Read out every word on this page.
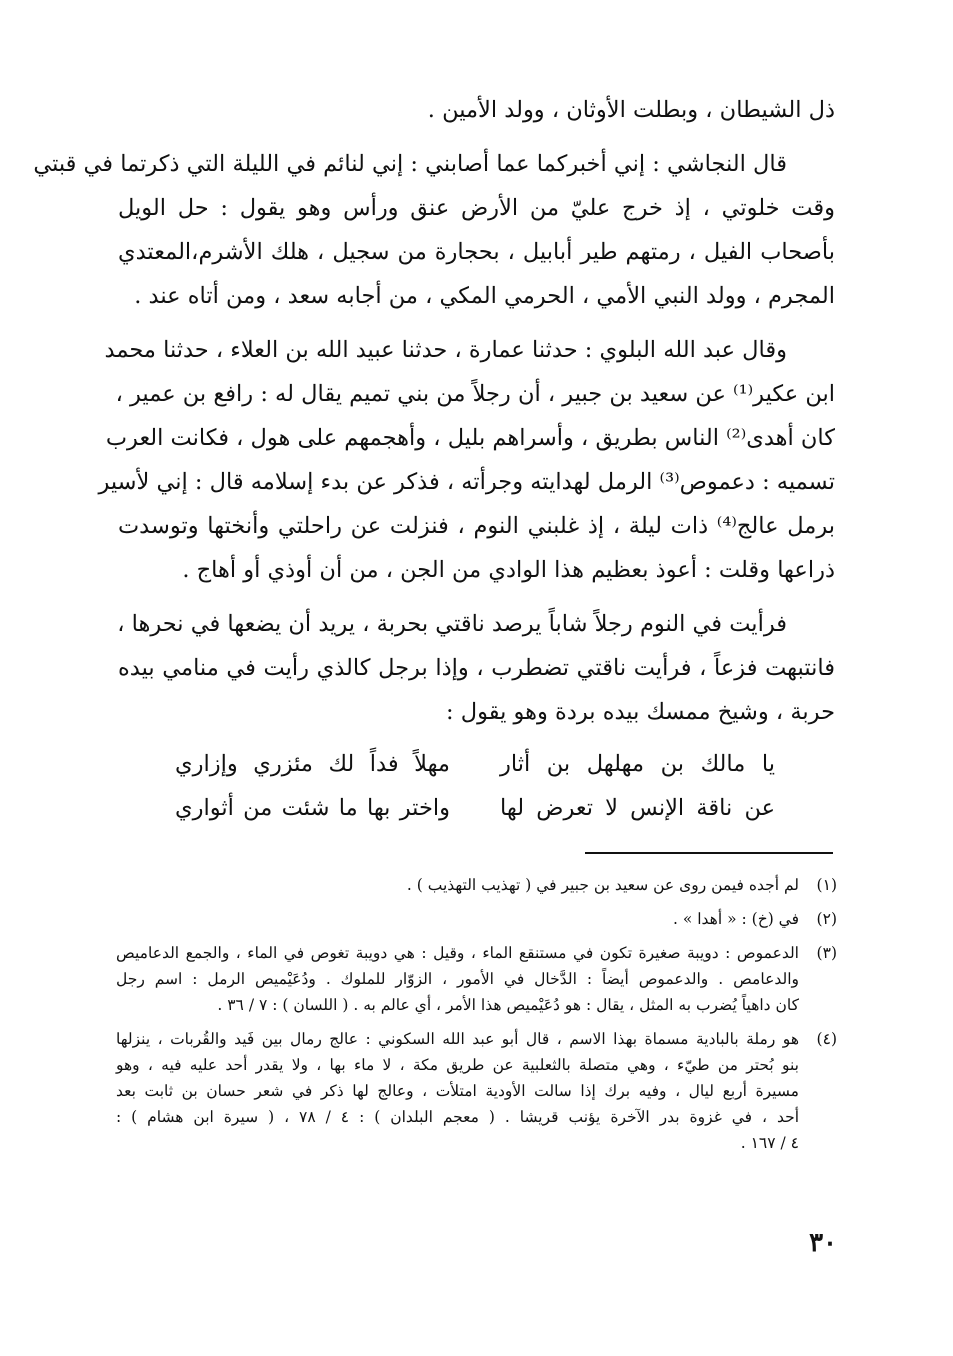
ذل الشيطان ، وبطلت الأوثان ، وولد الأمين .
قال النجاشي : إني أخبركما عما أصابني : إني لنائم في الليلة التي ذكرتما في قبتي
وقت خلوتي ، إذ خرج عليّ من الأرض عنق ورأس وهو يقول : حل الويل
بأصحاب الفيل ، رمتهم طير أبابيل ، بحجارة من سجيل ، هلك الأشرم،المعتدي
المجرم ، وولد النبي الأمي ، الحرمي المكي ، من أجابه سعد ، ومن أتاه عند .
وقال عبد الله البلوي : حدثنا عمارة ، حدثنا عبيد الله بن العلاء ، حدثنا محمد
ابن عكير⁽¹⁾ عن سعيد بن جبير ، أن رجلاً من بني تميم يقال له : رافع بن عمير ،
كان أهدى⁽²⁾ الناس بطريق ، وأسراهم بليل ، وأهجمهم على هول ، فكانت العرب
تسميه : دعموص⁽³⁾ الرمل لهدايته وجرأته ، فذكر عن بدء إسلامه قال : إني لأسير
برمل عالج⁽⁴⁾ ذات ليلة ، إذ غلبني النوم ، فنزلت عن راحلتي وأنختها وتوسدت
ذراعها وقلت : أعوذ بعظيم هذا الوادي من الجن ، من أن أوذي أو أهاج .
فرأيت في النوم رجلاً شاباً يرصد ناقتي بحربة ، يريد أن يضعها في نحرها ،
فانتبهت فزعاً ، فرأيت ناقتي تضطرب ، وإذا برجل كالذي رأيت في منامي بيده
حربة ، وشيخ ممسك بيده بردة وهو يقول :
يا مالك بن مهلهل بن أثار
مهلاً فداً لك مئزري وإزاري
عن ناقة الإنس لا تعرض لها
واختر بها ما شئت من أثواري
(١)
لم أجده فيمن روى عن سعيد بن جبير في ( تهذيب التهذيب ) .
(٢)
في (خ) : « أهدا » .
(٣)
الدعموص : دويبة صغيرة تكون في مستنقع الماء ، وقيل : هي دويبة تغوص في الماء ، والجمع الدعاميص
والدعامص . والدعموص أيضاً : الدَّخال في الأمور ، الزوّار للملوك . ودُعَيْميص الرمل : اسم رجل
كان داهياً يُضرب به المثل ، يقال : هو دُعَيْميص هذا الأمر ، أي عالم به . ( اللسان ) : ٧ / ٣٦ .
(٤)
هو رملة بالبادية مسماة بهذا الاسم ، قال أبو عبد الله السكوني : عالج رمال بين فَيد والقُربات ، ينزلها
بنو بُحتر من طيّء ، وهي متصلة بالثعلبية عن طريق مكة ، لا ماء بها ، ولا يقدر أحد عليه فيه ، وهو
مسيرة أربع ليال ، وفيه برك إذا سالت الأودية امتلأت ، وعالج لها ذكر في شعر حسان بن ثابت بعد
أحد ، في غزوة بدر الآخرة يؤنب قريشا . ( معجم البلدان ) : ٤ / ٧٨ ، ( سيرة ابن هشام ) :
٤ / ١٦٧ .
٣٠
